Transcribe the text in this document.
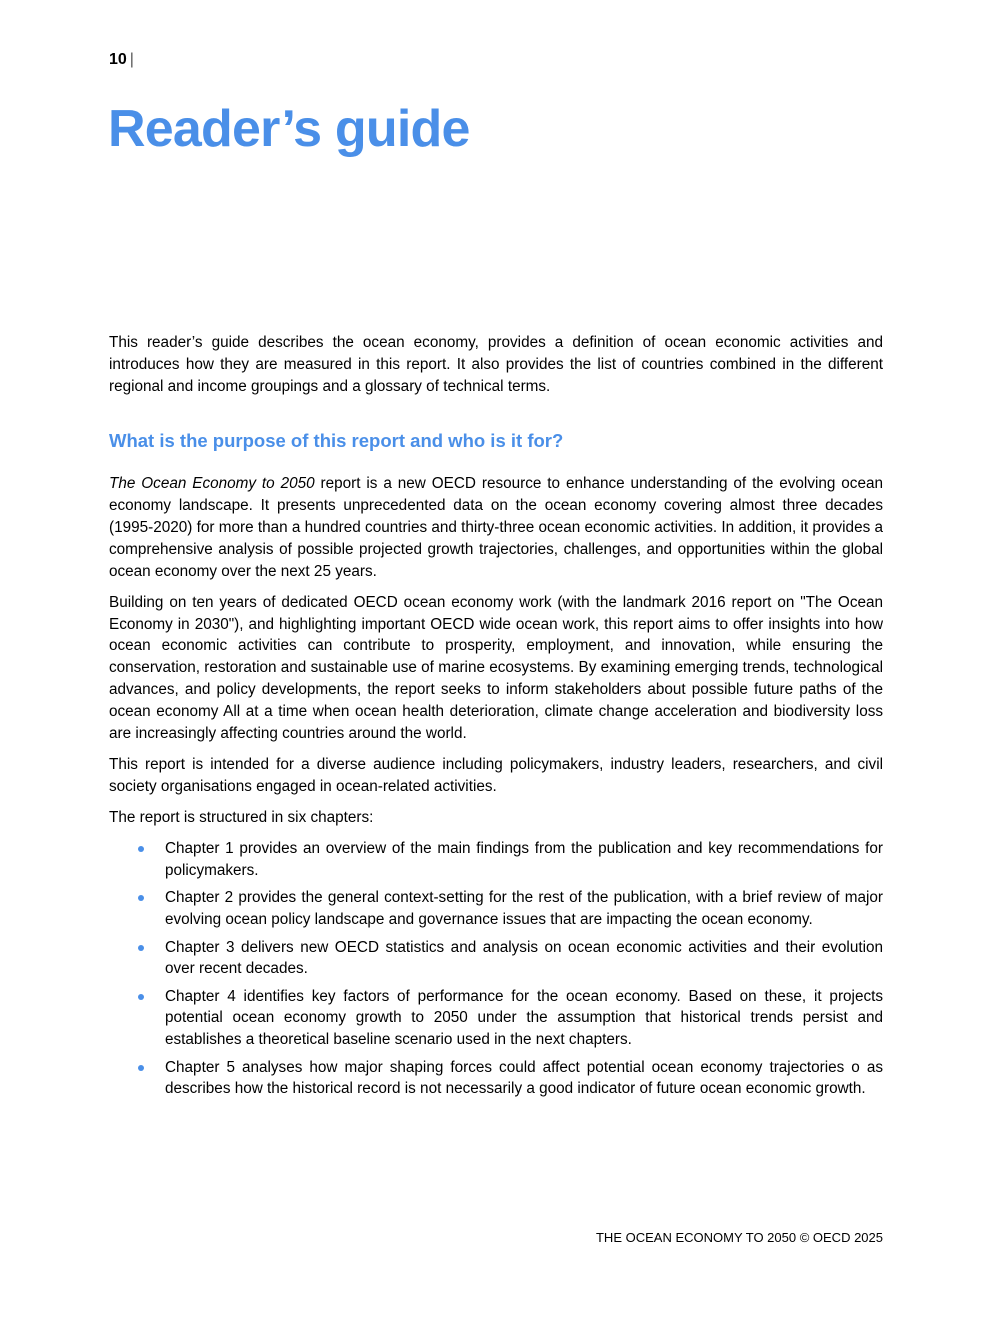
10 |
Reader’s guide

This reader’s guide describes the ocean economy, provides a definition of ocean economic activities and introduces how they are measured in this report. It also provides the list of countries combined in the different regional and income groupings and a glossary of technical terms.

What is the purpose of this report and who is it for?

The Ocean Economy to 2050 report is a new OECD resource to enhance understanding of the evolving ocean economy landscape. It presents unprecedented data on the ocean economy covering almost three decades (1995-2020) for more than a hundred countries and thirty-three ocean economic activities. In addition, it provides a comprehensive analysis of possible projected growth trajectories, challenges, and opportunities within the global ocean economy over the next 25 years.

Building on ten years of dedicated OECD ocean economy work (with the landmark 2016 report on "The Ocean Economy in 2030"), and highlighting important OECD wide ocean work, this report aims to offer insights into how ocean economic activities can contribute to prosperity, employment, and innovation, while ensuring the conservation, restoration and sustainable use of marine ecosystems. By examining emerging trends, technological advances, and policy developments, the report seeks to inform stakeholders about possible future paths of the ocean economy All at a time when ocean health deterioration, climate change acceleration and biodiversity loss are increasingly affecting countries around the world.

This report is intended for a diverse audience including policymakers, industry leaders, researchers, and civil society organisations engaged in ocean-related activities.

The report is structured in six chapters:

Chapter 1 provides an overview of the main findings from the publication and key recommendations for policymakers.
Chapter 2 provides the general context-setting for the rest of the publication, with a brief review of major evolving ocean policy landscape and governance issues that are impacting the ocean economy.
Chapter 3 delivers new OECD statistics and analysis on ocean economic activities and their evolution over recent decades.
Chapter 4 identifies key factors of performance for the ocean economy. Based on these, it projects potential ocean economy growth to 2050 under the assumption that historical trends persist and establishes a theoretical baseline scenario used in the next chapters.
Chapter 5 analyses how major shaping forces could affect potential ocean economy trajectories o as describes how the historical record is not necessarily a good indicator of future ocean economic growth.
THE OCEAN ECONOMY TO 2050 © OECD 2025
